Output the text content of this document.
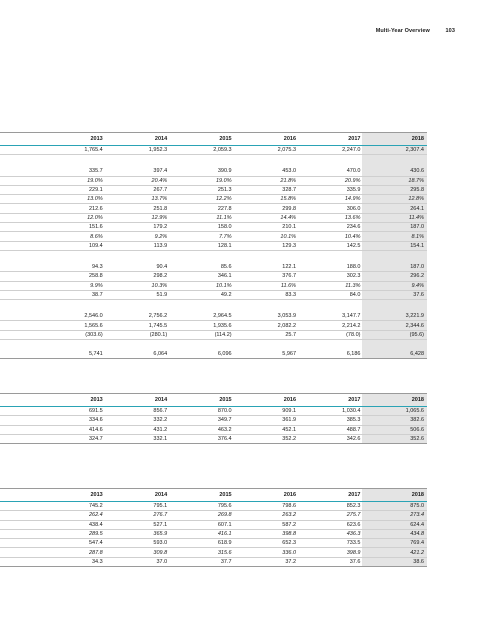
Multi-Year Overview	103
	2013	2014	2015	2016	2017	2018
	1,765.4	1,952.3	2,059.3	2,075.3	2,247.0	2,307.4

	335.7	397.4	390.9	453.0	470.0	430.6
	19.0%	20.4%	19.0%	21.8%	20.9%	18.7%
	229.1	267.7	251.3	328.7	335.9	295.8
	13.0%	13.7%	12.2%	15.8%	14.9%	12.8%
	212.6	251.8	227.8	299.8	306.0	264.1
	12.0%	12.9%	11.1%	14.4%	13.6%	11.4%
	151.6	179.2	158.0	210.1	234.6	187.0
	8.6%	9.2%	7.7%	10.1%	10.4%	8.1%
	109.4	113.9	128.1	129.3	142.5	154.1

	94.3	90.4	85.6	122.1	188.0	187.0
	258.8	298.2	346.1	376.7	302.3	296.2
	9.9%	10.3%	10.1%	11.6%	11.3%	9.4%
	38.7	51.9	49.2	83.3	84.0	37.6

	2,546.0	2,756.2	2,964.5	3,053.9	3,147.7	3,221.9
	1,565.6	1,745.5	1,935.6	2,082.2	2,214.2	2,344.6
	(303.6)	(280.1)	(114.2)	25.7	(78.0)	(95.6)

	5,741	6,064	6,096	5,967	6,186	6,428
	2013	2014	2015	2016	2017	2018
	691.5	856.7	870.0	909.1	1,030.4	1,065.6
	334.6	332.2	349.7	361.9	385.3	382.6
	414.6	431.2	463.2	452.1	488.7	506.6
	324.7	332.1	376.4	352.2	342.6	352.6
	2013	2014	2015	2016	2017	2018
	745.2	795.1	795.6	798.6	852.3	875.0
	262.4	276.7	269.8	263.2	275.7	273.4
	438.4	527.1	607.1	587.2	623.6	624.4
	289.5	365.9	416.1	398.8	436.3	434.8
	547.4	593.0	618.9	652.3	733.5	769.4
	287.8	309.8	315.6	336.0	398.9	421.2
	34.3	37.0	37.7	37.2	37.6	38.6
